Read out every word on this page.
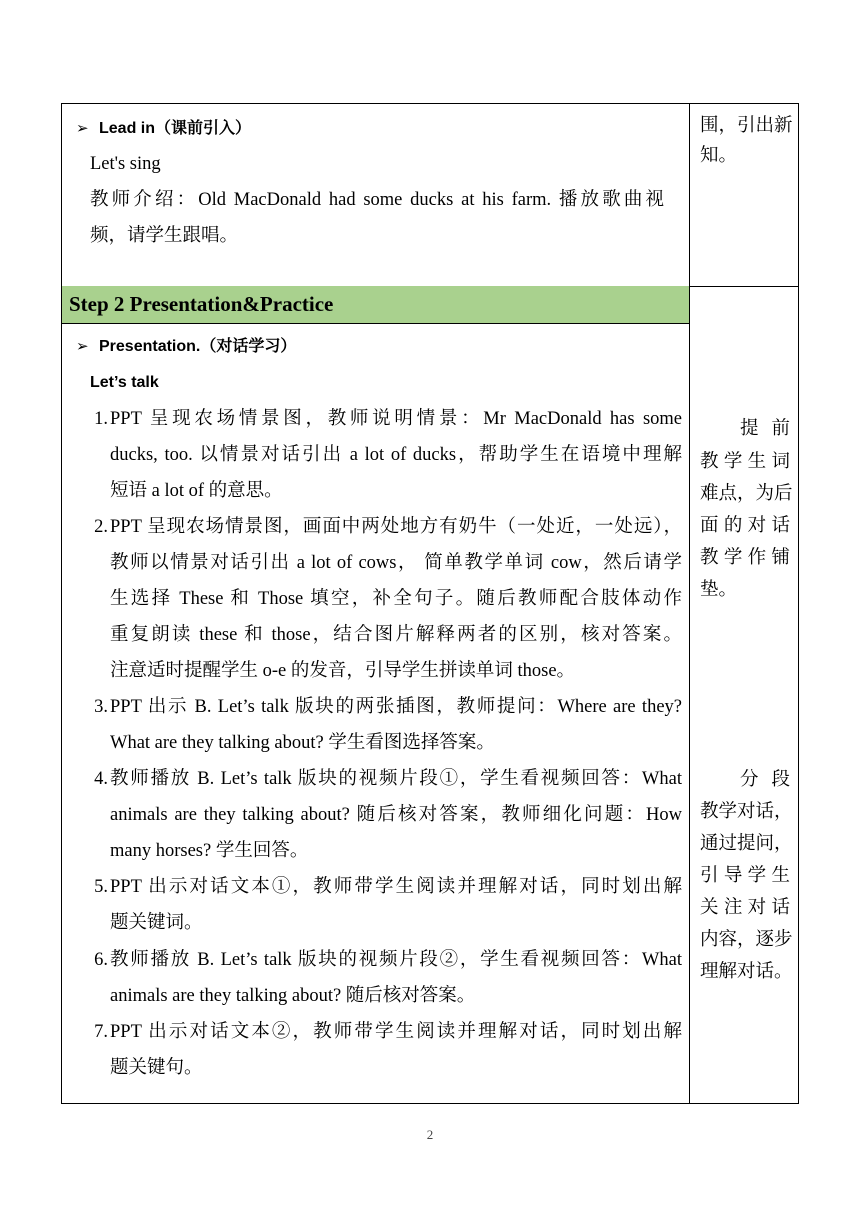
➢ Lead in（课前引入）
Let's sing
教师介绍：Old MacDonald had some ducks at his farm. 播放歌曲视
频，请学生跟唱。
围，引出新
知。
Step 2 Presentation&Practice
➢ Presentation.（对话学习）
Let’s talk
1. PPT 呈现农场情景图，教师说明情景：Mr MacDonald has some
ducks, too. 以情景对话引出 a lot of ducks，帮助学生在语境中理解
短语 a lot of 的意思。
2. PPT 呈现农场情景图，画面中两处地方有奶牛（一处近，一处远），
教师以情景对话引出 a lot of cows， 简单教学单词 cow，然后请学
生选择 These 和 Those 填空，补全句子。随后教师配合肢体动作
重复朗读 these 和 those，结合图片解释两者的区别，核对答案。
注意适时提醒学生 o-e 的发音，引导学生拼读单词 those。
3. PPT 出示 B. Let’s talk 版块的两张插图，教师提问：Where are they?
What are they talking about? 学生看图选择答案。
4. 教师播放 B. Let’s talk 版块的视频片段①，学生看视频回答：What
animals are they talking about? 随后核对答案，教师细化问题：How
many horses? 学生回答。
5. PPT 出示对话文本①，教师带学生阅读并理解对话，同时划出解
题关键词。
6. 教师播放 B. Let’s talk 版块的视频片段②，学生看视频回答：What
animals are they talking about? 随后核对答案。
7. PPT 出示对话文本②，教师带学生阅读并理解对话，同时划出解
题关键句。
提 前
教学生词
难点，为后
面的对话
教学作铺
垫。
分 段
教学对话，
通过提问，
引导学生
关注对话
内容，逐步
理解对话。
2
